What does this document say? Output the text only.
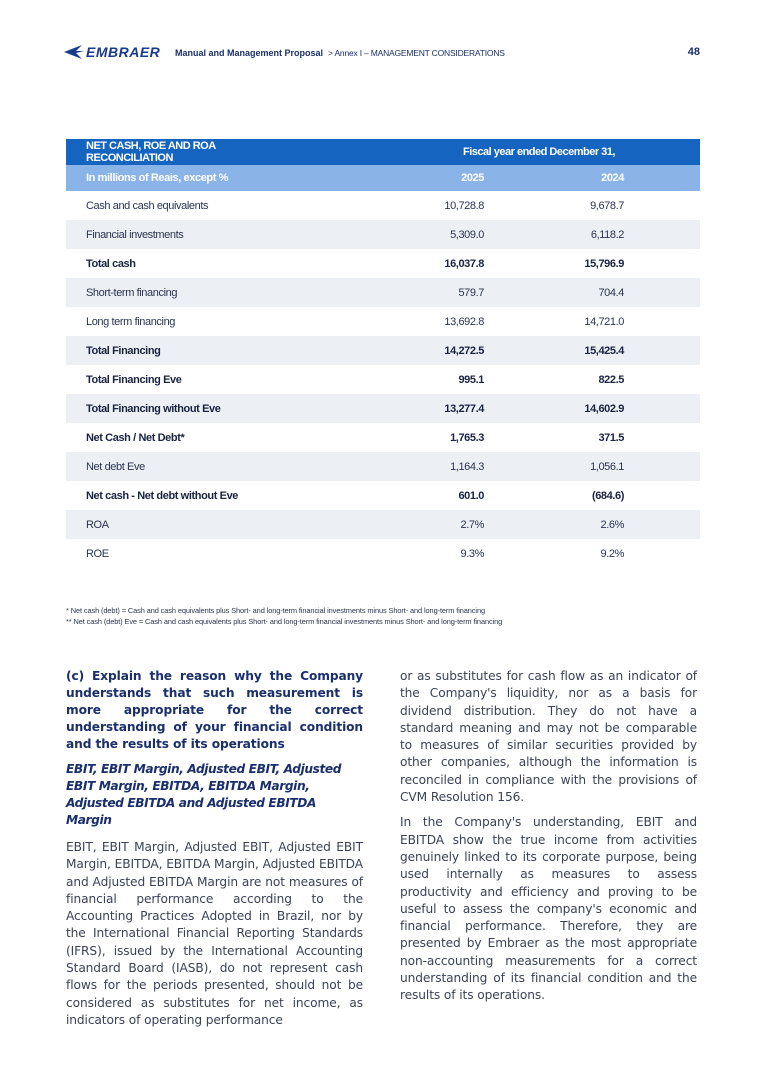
EMBRAER Manual and Management Proposal > Annex I – MANAGEMENT CONSIDERATIONS	48
NET CASH, ROE AND ROA RECONCILIATION	Fiscal year ended December 31,	
In millions of Reais, except %	2025	2024
Cash and cash equivalents	10,728.8	9,678.7
Financial investments	5,309.0	6,118.2
Total cash	16,037.8	15,796.9
Short-term financing	579.7	704.4
Long term financing	13,692.8	14,721.0
Total Financing	14,272.5	15,425.4
Total Financing Eve	995.1	822.5
Total Financing without Eve	13,277.4	14,602.9
Net Cash / Net Debt*	1,765.3	371.5
Net debt Eve	1,164.3	1,056.1
Net cash - Net debt without Eve	601.0	(684.6)
ROA	2.7%	2.6%
ROE	9.3%	9.2%
* Net cash (debt) = Cash and cash equivalents plus Short- and long-term financial investments minus Short- and long-term financing
** Net cash (debt) Eve = Cash and cash equivalents plus Short- and long-term financial investments minus Short- and long-term financing

(c) Explain the reason why the Company understands that such measurement is more appropriate for the correct understanding of your financial condition and the results of its operations

EBIT, EBIT Margin, Adjusted EBIT, Adjusted EBIT Margin, EBITDA, EBITDA Margin, Adjusted EBITDA and Adjusted EBITDA Margin

EBIT, EBIT Margin, Adjusted EBIT, Adjusted EBIT Margin, EBITDA, EBITDA Margin, Adjusted EBITDA and Adjusted EBITDA Margin are not measures of financial performance according to the Accounting Practices Adopted in Brazil, nor by the International Financial Reporting Standards (IFRS), issued by the International Accounting Standard Board (IASB), do not represent cash flows for the periods presented, should not be considered as substitutes for net income, as indicators of operating performance

or as substitutes for cash flow as an indicator of the Company's liquidity, nor as a basis for dividend distribution. They do not have a standard meaning and may not be comparable to measures of similar securities provided by other companies, although the information is reconciled in compliance with the provisions of CVM Resolution 156.

In the Company's understanding, EBIT and EBITDA show the true income from activities genuinely linked to its corporate purpose, being used internally as measures to assess productivity and efficiency and proving to be useful to assess the company's economic and financial performance. Therefore, they are presented by Embraer as the most appropriate non-accounting measurements for a correct understanding of its financial condition and the results of its operations.
